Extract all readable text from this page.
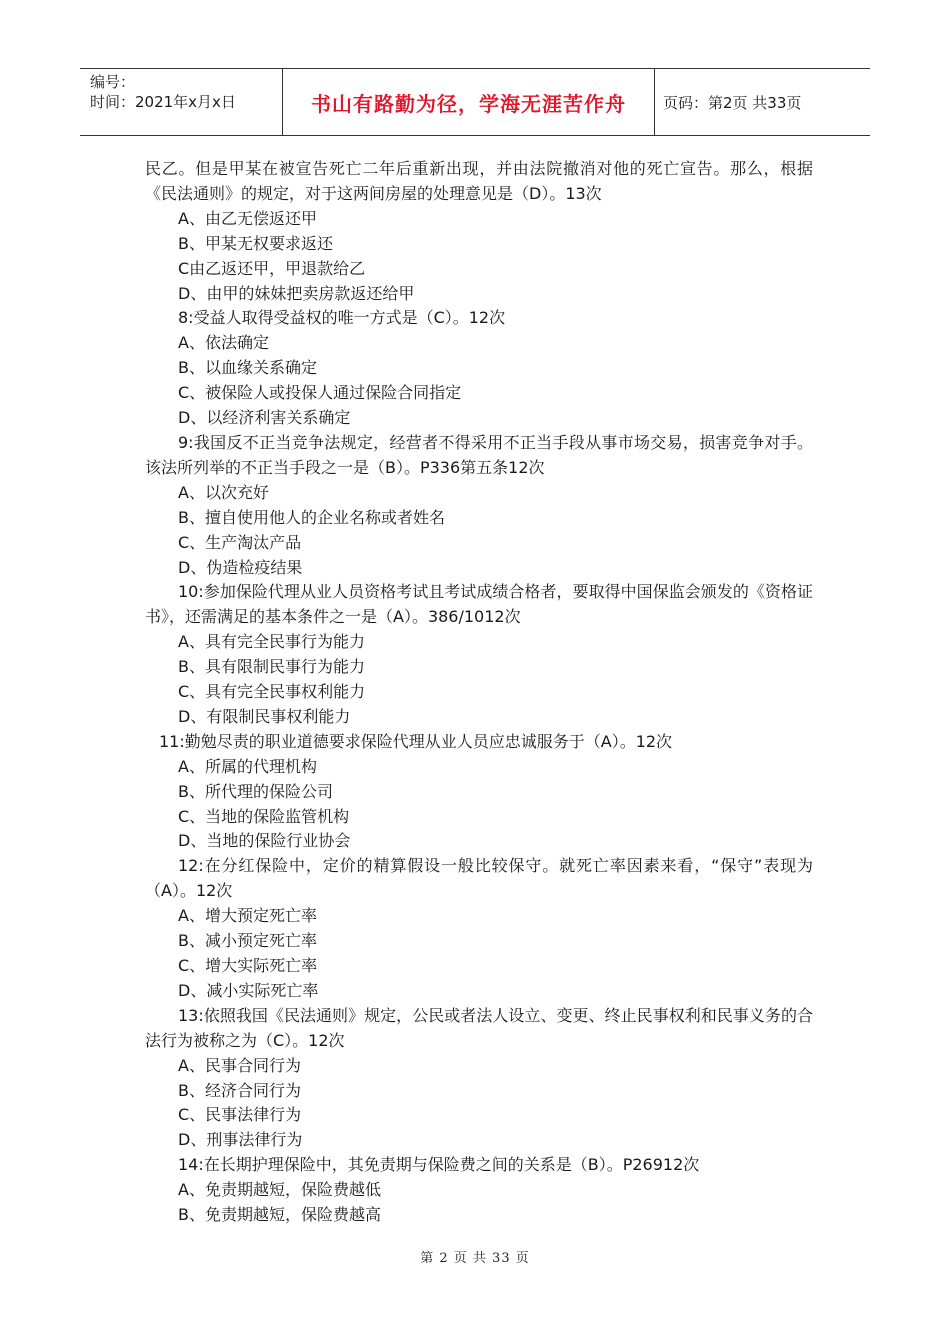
编号：
时间：2021年x月x日	书山有路勤为径，学海无涯苦作舟	页码：第2页 共33页

民乙。但是甲某在被宣告死亡二年后重新出现，并由法院撤消对他的死亡宣告。那么，根据《民法通则》的规定，对于这两间房屋的处理意见是（D）。13次

A、由乙无偿返还甲

B、甲某无权要求返还

C由乙返还甲，甲退款给乙

D、由甲的妹妹把卖房款返还给甲

8:受益人取得受益权的唯一方式是（C）。12次

A、依法确定

B、以血缘关系确定

C、被保险人或投保人通过保险合同指定

D、以经济利害关系确定

9:我国反不正当竞争法规定，经营者不得采用不正当手段从事市场交易，损害竞争对手。该法所列举的不正当手段之一是（B）。P336第五条12次

A、以次充好

B、擅自使用他人的企业名称或者姓名

C、生产淘汰产品

D、伪造检疫结果

10:参加保险代理从业人员资格考试且考试成绩合格者，要取得中国保监会颁发的《资格证书》，还需满足的基本条件之一是（A）。386/1012次

A、具有完全民事行为能力

B、具有限制民事行为能力

C、具有完全民事权利能力

D、有限制民事权利能力

11:勤勉尽责的职业道德要求保险代理从业人员应忠诚服务于（A）。12次

A、所属的代理机构

B、所代理的保险公司

C、当地的保险监管机构

D、当地的保险行业协会

12:在分红保险中，定价的精算假设一般比较保守。就死亡率因素来看，“保守”表现为（A）。12次

A、增大预定死亡率

B、减小预定死亡率

C、增大实际死亡率

D、减小实际死亡率

13:依照我国《民法通则》规定，公民或者法人设立、变更、终止民事权利和民事义务的合法行为被称之为（C）。12次

A、民事合同行为

B、经济合同行为

C、民事法律行为

D、刑事法律行为

14:在长期护理保险中，其免责期与保险费之间的关系是（B）。P26912次

A、免责期越短，保险费越低

B、免责期越短，保险费越高

第 2 页 共 33 页
